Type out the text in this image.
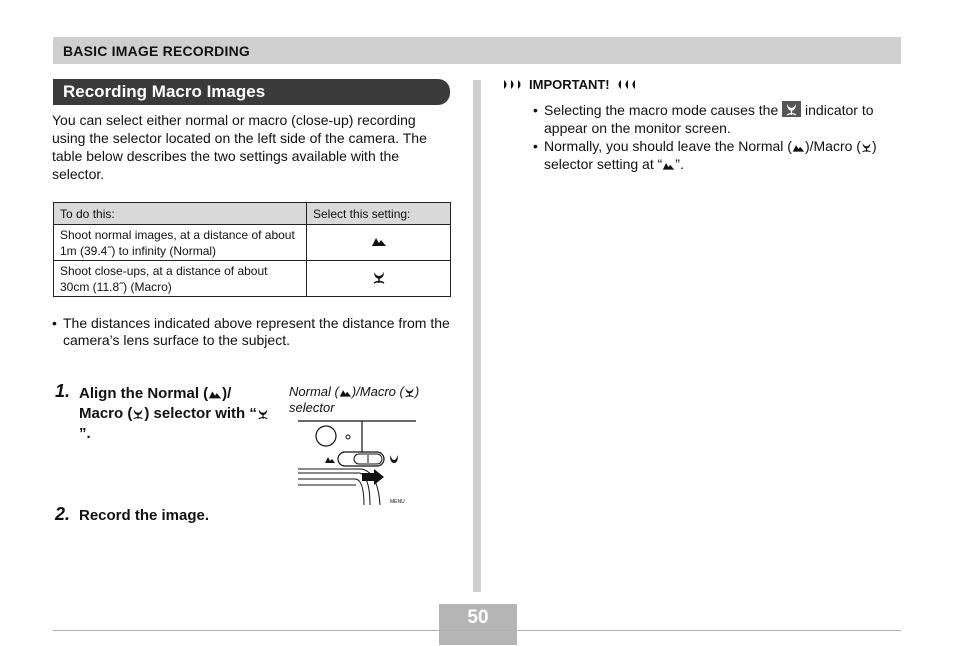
BASIC IMAGE RECORDING
Recording Macro Images
You can select either normal or macro (close-up) recording using the selector located on the left side of the camera. The table below describes the two settings available with the selector.
To do this:	Select this setting:
Shoot normal images, at a distance of about 1m (39.4˝) to infinity (Normal)	
Shoot close-ups, at a distance of about 30cm (11.8˝) (Macro)	
• The distances indicated above represent the distance from the camera’s lens surface to the subject.
1. Align the Normal ( )/ Macro ( ) selector with “”.
Normal ( )/Macro ( ) selector
MENU
2. Record the image.
IMPORTANT!
• Selecting the macro mode causes the  indicator to appear on the monitor screen.
• Normally, you should leave the Normal ( )/Macro ( ) selector setting at “ ”.
50
